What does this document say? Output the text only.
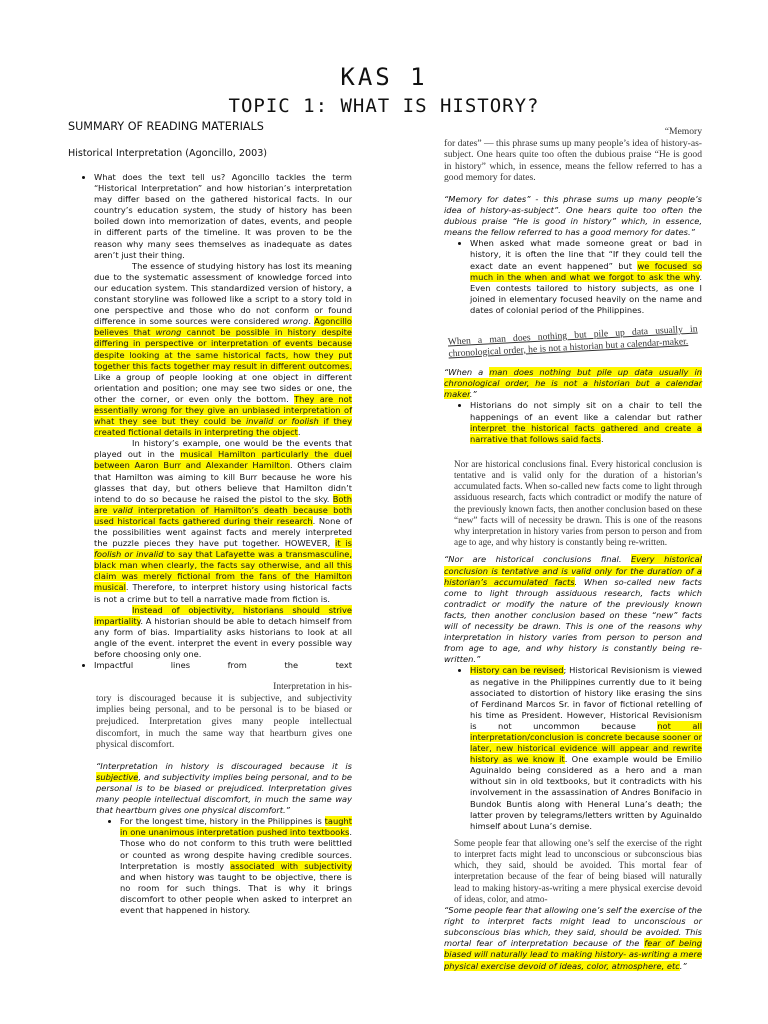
KAS 1
TOPIC 1: WHAT IS HISTORY?
SUMMARY OF READING MATERIALS
Historical Interpretation (Agoncillo, 2003)
• What does the text tell us? Agoncillo tackles the term “Historical Interpretation” and how historian’s interpretation may differ based on the gathered historical facts. In our country’s education system, the study of history has been boiled down into memorization of dates, events, and people in different parts of the timeline. It was proven to be the reason why many sees themselves as inadequate as dates aren’t just their thing.

The essence of studying history has lost its meaning due to the systematic assessment of knowledge forced into our education system. This standardized version of history, a constant storyline was followed like a script to a story told in one perspective and those who do not conform or found difference in some sources were considered wrong. Agoncillo believes that wrong cannot be possible in history despite differing in perspective or interpretation of events because despite looking at the same historical facts, how they put together this facts together may result in different outcomes. Like a group of people looking at one object in different orientation and position; one may see two sides or one, the other the corner, or even only the bottom. They are not essentially wrong for they give an unbiased interpretation of what they see but they could be invalid or foolish if they created fictional details in interpreting the object.

In history’s example, one would be the events that played out in the musical Hamilton particularly the duel between Aaron Burr and Alexander Hamilton. Others claim that Hamilton was aiming to kill Burr because he wore his glasses that day, but others believe that Hamilton didn’t intend to do so because he raised the pistol to the sky. Both are valid interpretation of Hamilton’s death because both used historical facts gathered during their research. None of the possibilities went against facts and merely interpreted the puzzle pieces they have put together. HOWEVER, it is foolish or invalid to say that Lafayette was a transmasculine, black man when clearly, the facts say otherwise, and all this claim was merely fictional from the fans of the Hamilton musical. Therefore, to interpret history using historical facts is not a crime but to tell a narrative made from fiction is.

Instead of objectivity, historians should strive impartiality. A historian should be able to detach himself from any form of bias. Impartiality asks historians to look at all angle of the event. interpret the event in every possible way before choosing only one.

• Impactful lines from the text
Interpretation in his-
tory is discouraged because it is subjective, and subjectivity implies being personal, and to be personal is to be biased or prejudiced. Interpretation gives many people intellectual discomfort, in much the same way that heartburn gives one physical discomfort.

“Interpretation in history is discouraged because it is subjective, and subjectivity implies being personal, and to be personal is to be biased or prejudiced. Interpretation gives many people intellectual discomfort, in much the same way that heartburn gives one physical discomfort.”

• For the longest time, history in the Philippines is taught in one unanimous interpretation pushed into textbooks. Those who do not conform to this truth were belittled or counted as wrong despite having credible sources. Interpretation is mostly associated with subjectivity and when history was taught to be objective, there is no room for such things. That is why it brings discomfort to other people when asked to interpret an event that happened in history.
“Memory
for dates” — this phrase sums up many people’s idea of history-as-subject. One hears quite too often the dubious praise “He is good in history” which, in essence, means the fellow referred to has a good memory for dates.

“Memory for dates” - this phrase sums up many people’s idea of history-as-subject”. One hears quite too often the dubious praise “He is good in history” which, in essence, means the fellow referred to has a good memory for dates.”

• When asked what made someone great or bad in history, it is often the line that “If they could tell the exact date an event happened” but we focused so much in the when and what we forgot to ask the why. Even contests tailored to history subjects, as one I joined in elementary focused heavily on the name and dates of colonial period of the Philippines.
When a man does nothing but pile up data usually in chronological order, he is not a historian but a calendar-maker.

“When a man does nothing but pile up data usually in chronological order, he is not a historian but a calendar maker.”

• Historians do not simply sit on a chair to tell the happenings of an event like a calendar but rather interpret the historical facts gathered and create a narrative that follows said facts.
Nor are historical conclusions final. Every historical conclusion is tentative and is valid only for the duration of a historian’s accumulated facts. When so-called new facts come to light through assiduous research, facts which contradict or modify the nature of the previously known facts, then another conclusion based on these “new” facts will of necessity be drawn. This is one of the reasons why interpretation in history varies from person to person and from age to age, and why history is constantly being re-written.

“Nor are historical conclusions final. Every historical conclusion is tentative and is valid only for the duration of a historian’s accumulated facts. When so-called new facts come to light through assiduous research, facts which contradict or modify the nature of the previously known facts, then another conclusion based on these “new” facts will of necessity be drawn. This is one of the reasons why interpretation in history varies from person to person and from age to age, and why history is constantly being re-written.”

• History can be revised; Historical Revisionism is viewed as negative in the Philippines currently due to it being associated to distortion of history like erasing the sins of Ferdinand Marcos Sr. in favor of fictional retelling of his time as President. However, Historical Revisionism is not uncommon because not all interpretation/conclusion is concrete because sooner or later, new historical evidence will appear and rewrite history as we know it. One example would be Emilio Aguinaldo being considered as a hero and a man without sin in old textbooks, but it contradicts with his involvement in the assassination of Andres Bonifacio in Bundok Buntis along with Heneral Luna’s death; the latter proven by telegrams/letters written by Aguinaldo himself about Luna’s demise.
Some people fear that allowing one’s self the exercise of the right to interpret facts might lead to unconscious or subconscious bias which, they said, should be avoided. This mortal fear of interpretation because of the fear of being biased will naturally lead to making history-as-writing a mere physical exercise devoid of ideas, color, and atmo-

“Some people fear that allowing one’s self the exercise of the right to interpret facts might lead to unconscious or subconscious bias which, they said, should be avoided. This mortal fear of interpretation because of the fear of being biased will naturally lead to making history- as-writing a mere physical exercise devoid of ideas, color, atmosphere, etc.”
